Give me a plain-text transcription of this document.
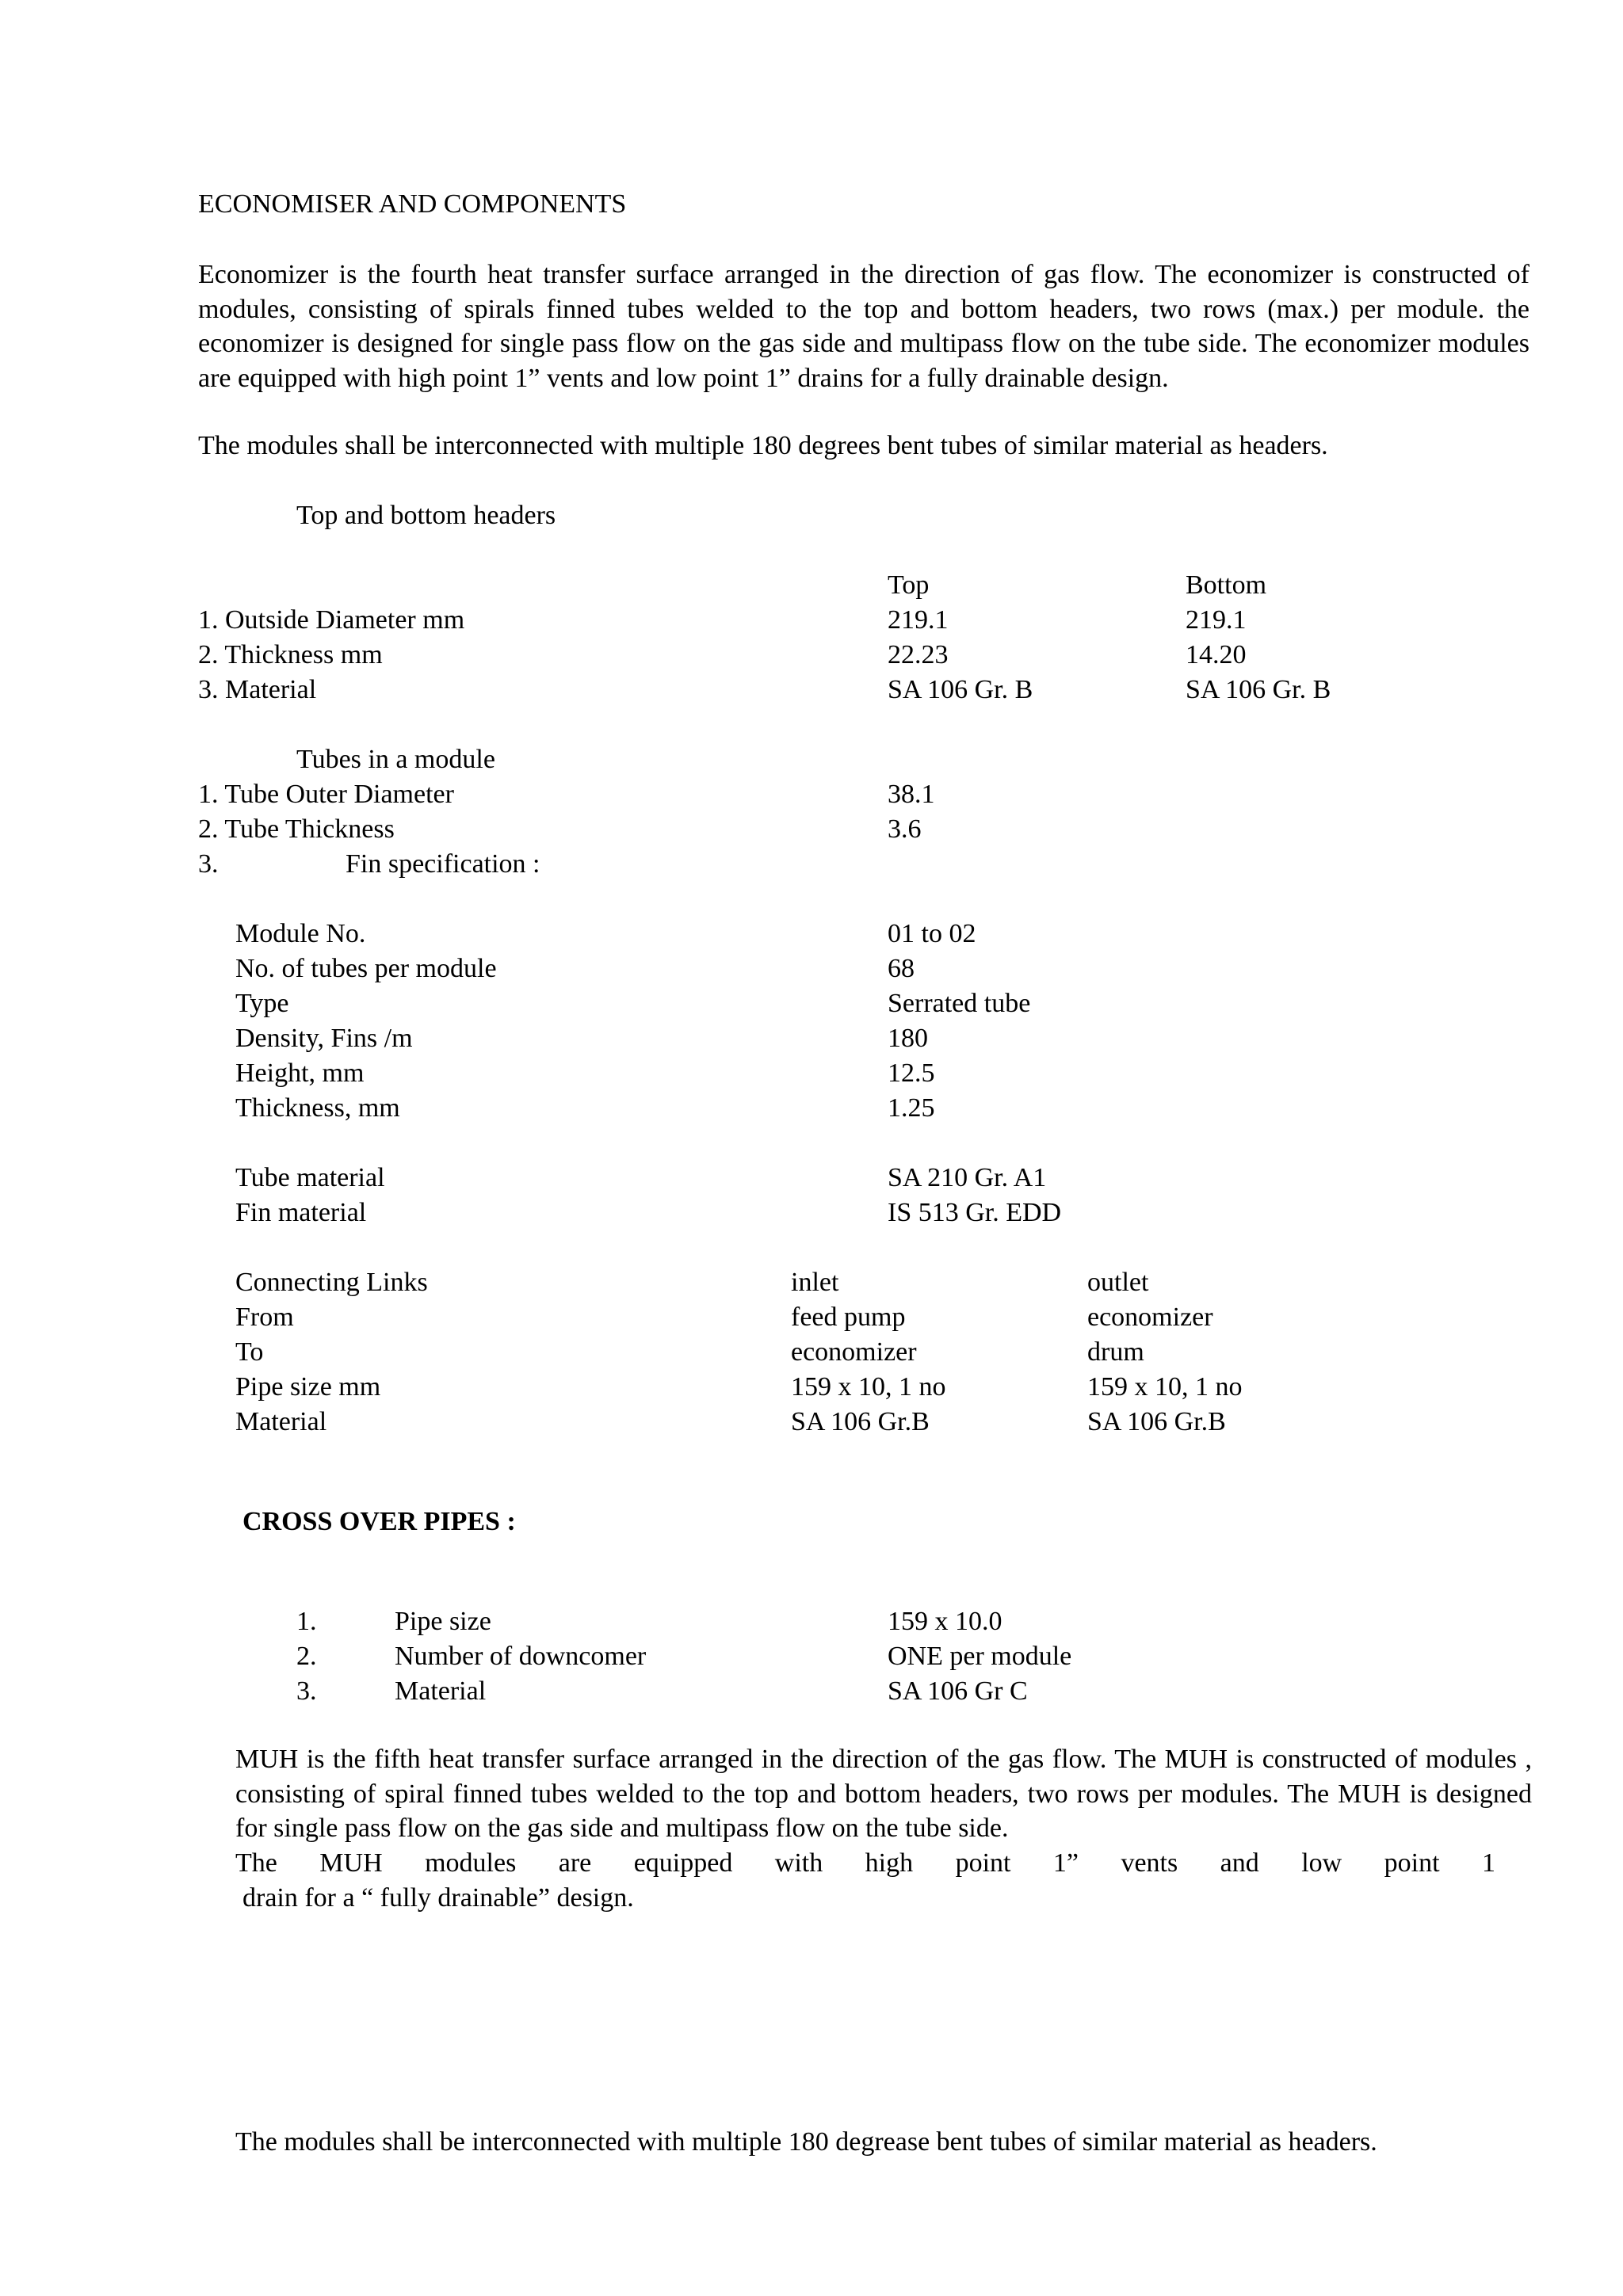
ECONOMISER AND COMPONENTS
Economizer is the fourth heat transfer surface arranged in the direction of gas flow. The economizer is constructed of modules, consisting of spirals finned tubes welded to the top and bottom headers, two rows (max.) per module. the economizer is designed for single pass flow on the gas side and multipass flow on the tube side. The economizer modules are equipped with high point 1” vents and low point 1” drains for a fully drainable design.
The modules shall be interconnected with multiple 180 degrees bent tubes of similar material as headers.
Top and bottom headers
Top	Bottom
1. Outside Diameter mm	219.1	219.1
2. Thickness mm	22.23	14.20
3. Material	SA 106 Gr. B	SA 106 Gr. B
Tubes in a module
1. Tube Outer Diameter	38.1
2. Tube Thickness	3.6
3.	Fin specification :
Module No.	01 to 02
No. of tubes per module	68
Type	Serrated tube
Density, Fins /m	180
Height, mm	12.5
Thickness, mm	1.25
Tube material	SA 210 Gr. A1
Fin material	IS 513 Gr. EDD
Connecting Links	inlet	outlet
From	feed pump	economizer
To	economizer	drum
Pipe size mm	159 x 10, 1 no	159 x 10, 1 no
Material	SA 106 Gr.B	SA 106 Gr.B
CROSS OVER PIPES :
1.	Pipe size	159 x 10.0
2.	Number of downcomer	ONE per module
3.	Material	SA 106 Gr C
MUH is the fifth heat transfer surface arranged in the direction of the gas flow. The MUH is constructed of modules , consisting of spiral finned tubes welded to the top and bottom headers, two rows per modules. The MUH is designed for single pass flow on the gas side and multipass flow on the tube side.
The MUH modules are equipped with high point 1” vents and low point 1
drain for a “ fully drainable” design.
The modules shall be interconnected with multiple 180 degrease bent tubes of similar material as headers.
